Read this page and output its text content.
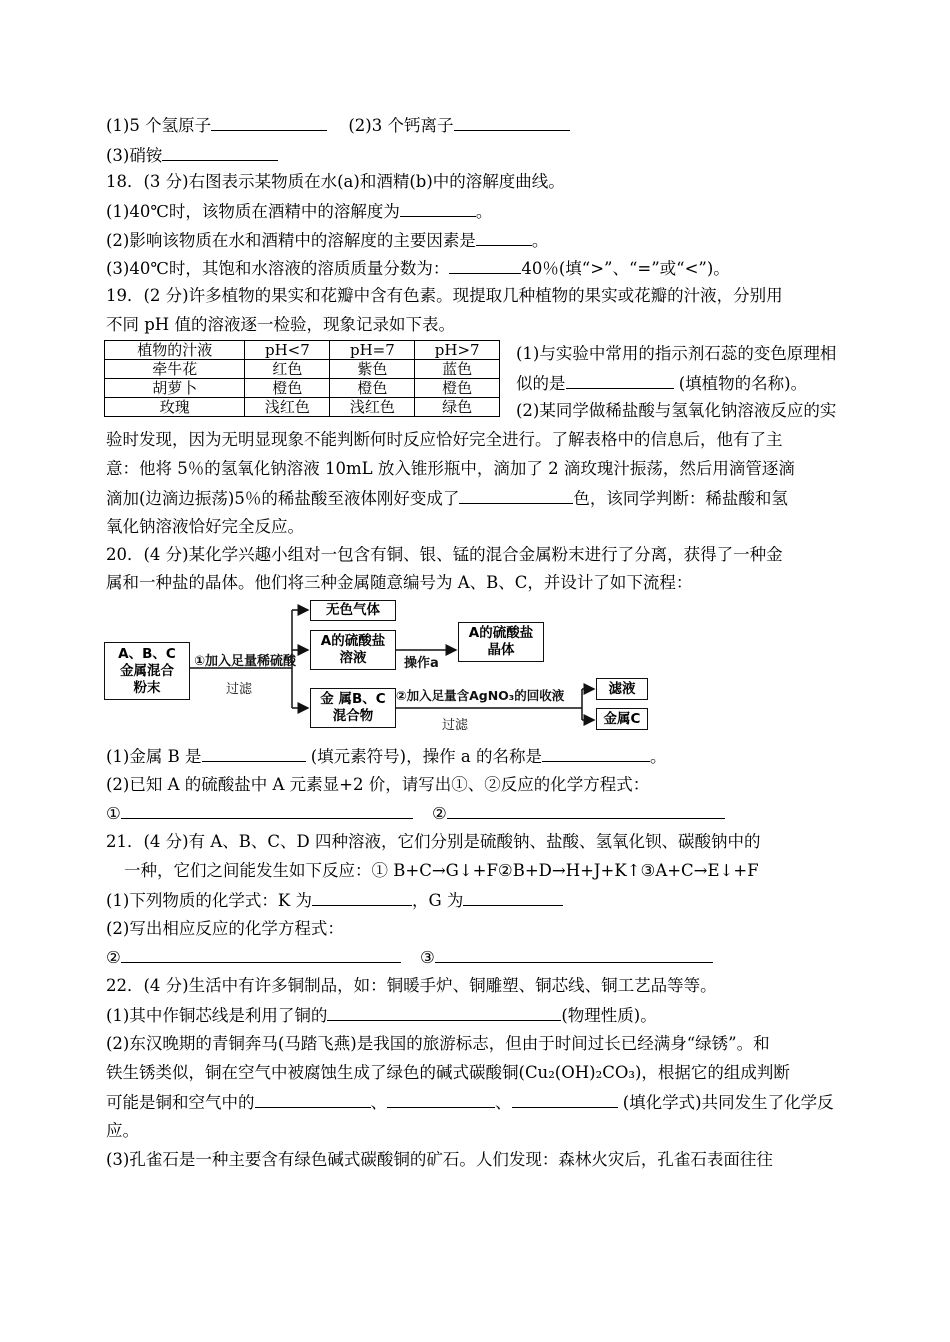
(1)5 个氢原子	(2)3 个钙离子
(3)硝铵
18．(3 分)右图表示某物质在水(a)和酒精(b)中的溶解度曲线。
(1)40℃时，该物质在酒精中的溶解度为	。
(2)影响该物质在水和酒精中的溶解度的主要因素是	。
(3)40℃时，其饱和水溶液的溶质质量分数为：	40％(填“>”、“=”或“<”)。
19．(2 分)许多植物的果实和花瓣中含有色素。现提取几种植物的果实或花瓣的汁液，分别用
不同 pH 值的溶液逐一检验，现象记录如下表。
植物的汁液	pH<7	pH=7	pH>7
牵牛花	红色	紫色	蓝色
胡萝卜	橙色	橙色	橙色
玫瑰	浅红色	浅红色	绿色
(1)与实验中常用的指示剂石蕊的变色原理相
似的是	(填植物的名称)。
(2)某同学做稀盐酸与氢氧化钠溶液反应的实
验时发现，因为无明显现象不能判断何时反应恰好完全进行。了解表格中的信息后，他有了主
意：他将 5％的氢氧化钠溶液 10mL 放入锥形瓶中，滴加了 2 滴玫瑰汁振荡，然后用滴管逐滴
滴加(边滴边振荡)5％的稀盐酸至液体刚好变成了	色，该同学判断：稀盐酸和氢
氧化钠溶液恰好完全反应。
20．(4 分)某化学兴趣小组对一包含有铜、银、锰的混合金属粉末进行了分离，获得了一种金
属和一种盐的晶体。他们将三种金属随意编号为 A、B、C，并设计了如下流程：
A、B、C
金属混合
粉末
①加入足量稀硫酸
过滤
无色气体
A的硫酸盐
溶液	操作a
A的硫酸盐
晶体
金 属B、C
混合物
②加入足量含AgNO₃的回收液
过滤
滤液
金属C
(1)金属 B 是	(填元素符号)，操作 a 的名称是	。
(2)已知 A 的硫酸盐中 A 元素显+2 价，请写出①、②反应的化学方程式：
①	②
21．(4 分)有 A、B、C、D 四种溶液，它们分别是硫酸钠、盐酸、氢氧化钡、碳酸钠中的
一种，它们之间能发生如下反应：① B+C→G↓+F②B+D→H+J+K↑③A+C→E↓+F
(1)下列物质的化学式：K 为	，G 为
(2)写出相应反应的化学方程式：
②	③
22．(4 分)生活中有许多铜制品，如：铜暖手炉、铜雕塑、铜芯线、铜工艺品等等。
(1)其中作铜芯线是利用了铜的	(物理性质)。
(2)东汉晚期的青铜奔马(马踏飞燕)是我国的旅游标志，但由于时间过长已经满身“绿锈”。和
铁生锈类似，铜在空气中被腐蚀生成了绿色的碱式碳酸铜(Cu₂(OH)₂CO₃)，根据它的组成判断
可能是铜和空气中的	、	、	(填化学式)共同发生了化学反
应。
(3)孔雀石是一种主要含有绿色碱式碳酸铜的矿石。人们发现：森林火灾后，孔雀石表面往往
